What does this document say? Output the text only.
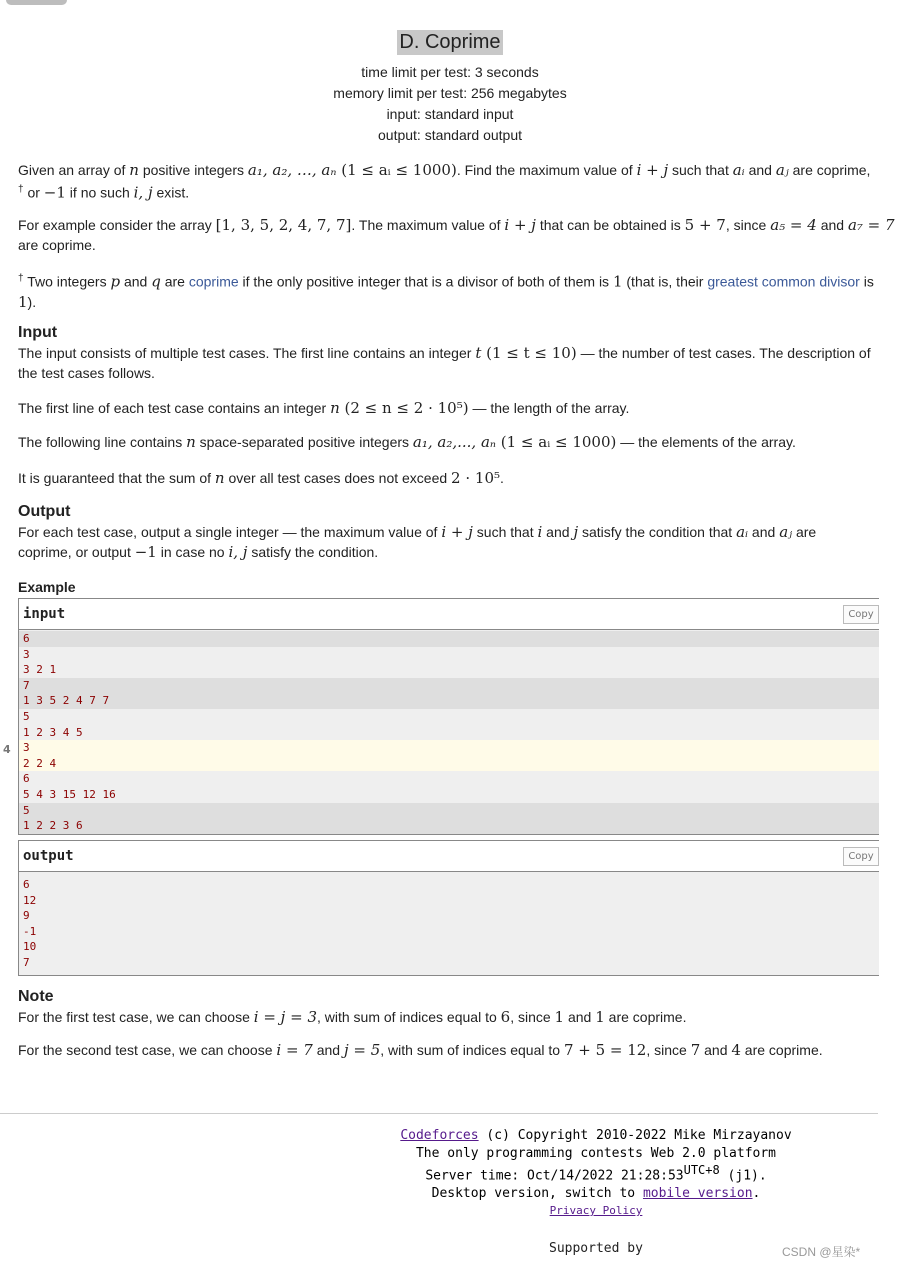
D. Coprime
time limit per test: 3 seconds
memory limit per test: 256 megabytes
input: standard input
output: standard output
Given an array of n positive integers a₁, a₂, …, aₙ (1 ≤ aᵢ ≤ 1000). Find the maximum value of i + j such that aᵢ and aⱼ are coprime,
† or −1 if no such i, j exist.
For example consider the array [1, 3, 5, 2, 4, 7, 7]. The maximum value of i + j that can be obtained is 5 + 7, since a₅ = 4 and a₇ = 7
are coprime.
† Two integers p and q are coprime if the only positive integer that is a divisor of both of them is 1 (that is, their greatest common divisor is
1).
Input
The input consists of multiple test cases. The first line contains an integer t (1 ≤ t ≤ 10) — the number of test cases. The description of
the test cases follows.
The first line of each test case contains an integer n (2 ≤ n ≤ 2 · 10⁵) — the length of the array.
The following line contains n space-separated positive integers a₁, a₂,..., aₙ (1 ≤ aᵢ ≤ 1000) — the elements of the array.
It is guaranteed that the sum of n over all test cases does not exceed 2 · 10⁵.
Output
For each test case, output a single integer — the maximum value of i + j such that i and j satisfy the condition that aᵢ and aⱼ are
coprime, or output −1 in case no i, j satisfy the condition.
Example
input	Copy
6
3
3 2 1
7
1 3 5 2 4 7 7
5
1 2 3 4 5
3
2 2 4
6
5 4 3 15 12 16
5
1 2 2 3 6
4
output	Copy
6
12
9
-1
10
7
Note
For the first test case, we can choose i = j = 3, with sum of indices equal to 6, since 1 and 1 are coprime.
For the second test case, we can choose i = 7 and j = 5, with sum of indices equal to 7 + 5 = 12, since 7 and 4 are coprime.
Codeforces (c) Copyright 2010-2022 Mike Mirzayanov
The only programming contests Web 2.0 platform
Server time: Oct/14/2022 $21:28:53^{UTC+8}$ (j1).
Desktop version, switch to mobile version.
Privacy Policy
Supported by	CSDN @星染*
